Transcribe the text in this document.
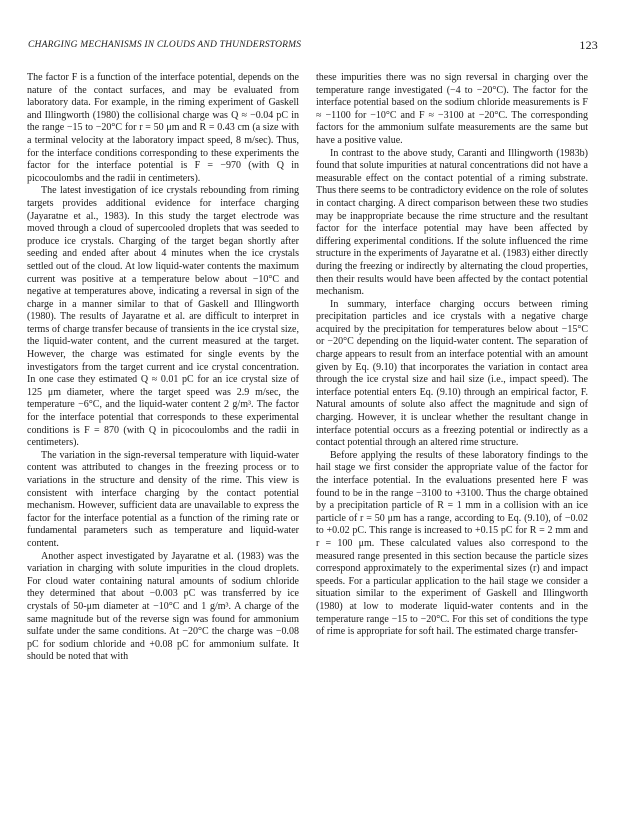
CHARGING MECHANISMS IN CLOUDS AND THUNDERSTORMS	123

The factor F is a function of the interface potential, depends on the nature of the contact surfaces, and may be evaluated from laboratory data. For example, in the riming experiment of Gaskell and Illingworth (1980) the collisional charge was Q ≈ −0.04 pC in the range −15 to −20°C for r = 50 μm and R = 0.43 cm (a size with a terminal velocity at the laboratory impact speed, 8 m/sec). Thus, for the interface conditions corresponding to these experiments the factor for the interface potential is F = −970 (with Q in picocoulombs and the radii in centimeters).

The latest investigation of ice crystals rebounding from riming targets provides additional evidence for interface charging (Jayaratne et al., 1983). In this study the target electrode was moved through a cloud of supercooled droplets that was seeded to produce ice crystals. Charging of the target began shortly after seeding and ended after about 4 minutes when the ice crystals settled out of the cloud. At low liquid-water contents the maximum current was positive at a temperature below about −10°C and negative at temperatures above, indicating a reversal in sign of the charge in a manner similar to that of Gaskell and Illingworth (1980). The results of Jayaratne et al. are difficult to interpret in terms of charge transfer because of transients in the ice crystal size, the liquid-water content, and the current measured at the target. However, the charge was estimated for single events by the investigators from the target current and ice crystal concentration. In one case they estimated Q ≈ 0.01 pC for an ice crystal size of 125 μm diameter, where the target speed was 2.9 m/sec, the temperature −6°C, and the liquid-water content 2 g/m³. The factor for the interface potential that corresponds to these experimental conditions is F = 870 (with Q in picocoulombs and the radii in centimeters).

The variation in the sign-reversal temperature with liquid-water content was attributed to changes in the freezing process or to variations in the structure and density of the rime. This view is consistent with interface charging by the contact potential mechanism. However, sufficient data are unavailable to express the factor for the interface potential as a function of the riming rate or fundamental parameters such as temperature and liquid-water content.

Another aspect investigated by Jayaratne et al. (1983) was the variation in charging with solute impurities in the cloud droplets. For cloud water containing natural amounts of sodium chloride they determined that about −0.003 pC was transferred by ice crystals of 50-μm diameter at −10°C and 1 g/m³. A charge of the same magnitude but of the reverse sign was found for ammonium sulfate under the same conditions. At −20°C the charge was −0.08 pC for sodium chloride and +0.08 pC for ammonium sulfate. It should be noted that with

these impurities there was no sign reversal in charging over the temperature range investigated (−4 to −20°C). The factor for the interface potential based on the sodium chloride measurements is F ≈ −1100 for −10°C and F ≈ −3100 at −20°C. The corresponding factors for the ammonium sulfate measurements are the same but have a positive value.

In contrast to the above study, Caranti and Illingworth (1983b) found that solute impurities at natural concentrations did not have a measurable effect on the contact potential of a riming substrate. Thus there seems to be contradictory evidence on the role of solutes in contact charging. A direct comparison between these two studies may be inappropriate because the rime structure and the resultant factor for the interface potential may have been affected by differing experimental conditions. If the solute influenced the rime structure in the experiments of Jayaratne et al. (1983) either directly during the freezing or indirectly by alternating the cloud properties, then their results would have been affected by the contact potential mechanism.

In summary, interface charging occurs between riming precipitation particles and ice crystals with a negative charge acquired by the precipitation for temperatures below about −15°C or −20°C depending on the liquid-water content. The separation of charge appears to result from an interface potential with an amount given by Eq. (9.10) that incorporates the variation in contact area through the ice crystal size and hail size (i.e., impact speed). The interface potential enters Eq. (9.10) through an empirical factor, F. Natural amounts of solute also affect the magnitude and sign of charging. However, it is unclear whether the resultant change in interface potential occurs as a freezing potential or indirectly as a contact potential through an altered rime structure.

Before applying the results of these laboratory findings to the hail stage we first consider the appropriate value of the factor for the interface potential. In the evaluations presented here F was found to be in the range −3100 to +3100. Thus the charge obtained by a precipitation particle of R = 1 mm in a collision with an ice particle of r = 50 μm has a range, according to Eq. (9.10), of −0.02 to +0.02 pC. This range is increased to +0.15 pC for R = 2 mm and r = 100 μm. These calculated values also correspond to the measured range presented in this section because the particle sizes correspond approximately to the experimental sizes (r) and impact speeds. For a particular application to the hail stage we consider a situation similar to the experiment of Gaskell and Illingworth (1980) at low to moderate liquid-water contents and in the temperature range −15 to −20°C. For this set of conditions the type of rime is appropriate for soft hail. The estimated charge transfer-
